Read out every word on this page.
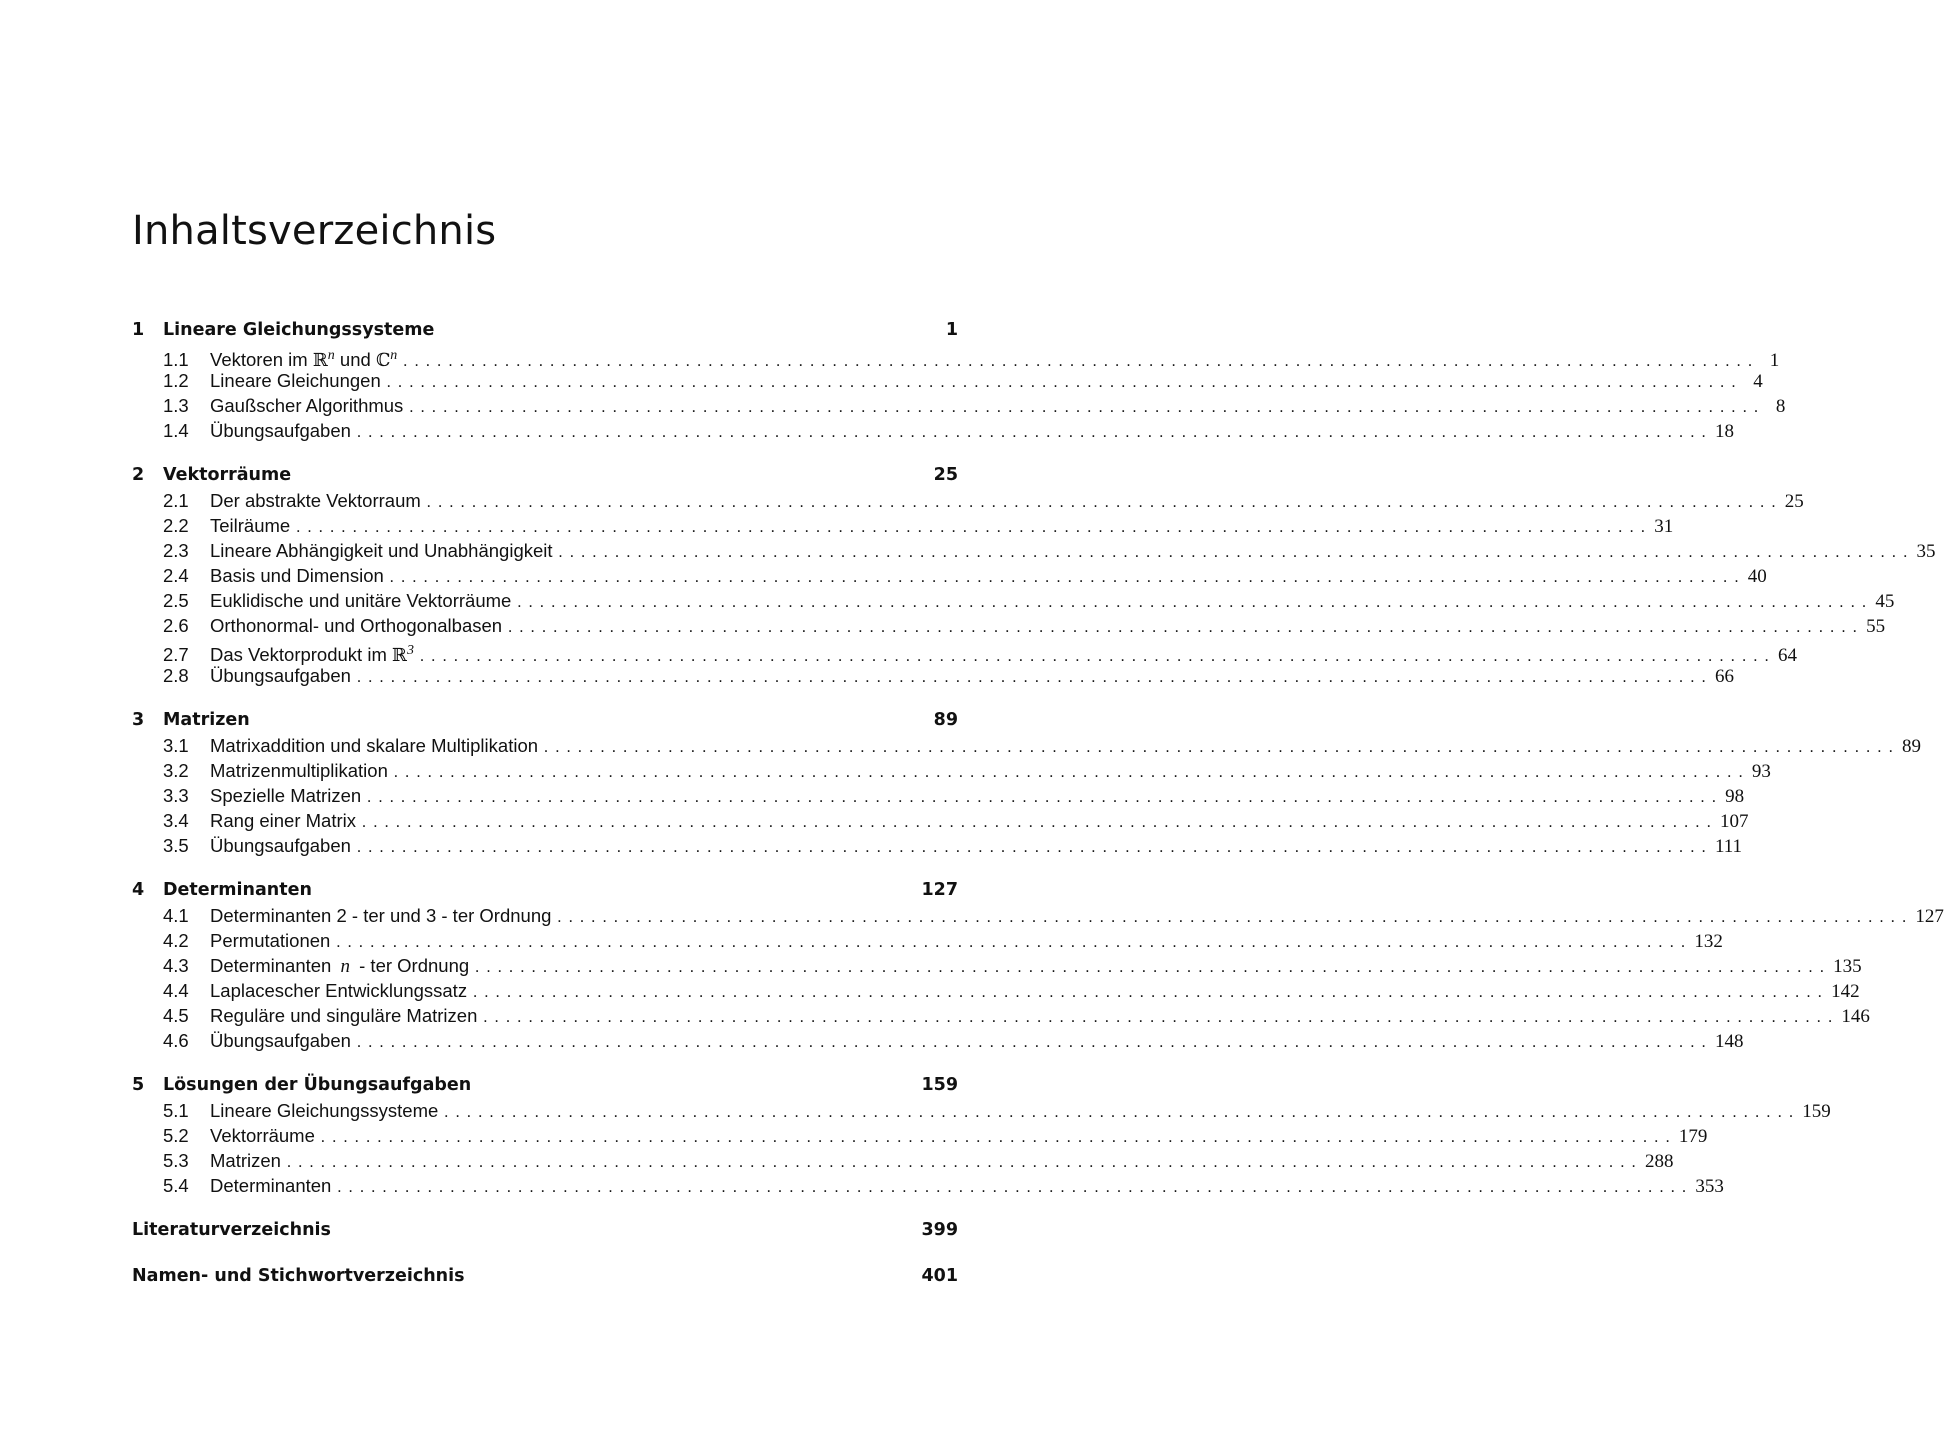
Inhaltsverzeichnis
1	Lineare Gleichungssysteme	1
1.1	Vektoren im ℝ$^n$ und ℂ$^n$ ........................................................................................................................ 1
1.2	Lineare Gleichungen ........................................................................................................................ 4
1.3	Gaußscher Algorithmus ........................................................................................................................ 8
1.4	Übungsaufgaben ........................................................................................................................ 18
2	Vektorräume	25
2.1	Der abstrakte Vektorraum ........................................................................................................................ 25
2.2	Teilräume ........................................................................................................................ 31
2.3	Lineare Abhängigkeit und Unabhängigkeit ........................................................................................................................ 35
2.4	Basis und Dimension ........................................................................................................................ 40
2.5	Euklidische und unitäre Vektorräume ........................................................................................................................ 45
2.6	Orthonormal- und Orthogonalbasen ........................................................................................................................ 55
2.7	Das Vektorprodukt im ℝ$^3$ ........................................................................................................................ 64
2.8	Übungsaufgaben ........................................................................................................................ 66
3	Matrizen	89
3.1	Matrixaddition und skalare Multiplikation ........................................................................................................................ 89
3.2	Matrizenmultiplikation ........................................................................................................................ 93
3.3	Spezielle Matrizen ........................................................................................................................ 98
3.4	Rang einer Matrix ........................................................................................................................ 107
3.5	Übungsaufgaben ........................................................................................................................ 111
4	Determinanten	127
4.1	Determinanten 2 - ter und 3 - ter Ordnung ........................................................................................................................ 127
4.2	Permutationen ........................................................................................................................ 132
4.3	Determinanten n - ter Ordnung ........................................................................................................................ 135
4.4	Laplacescher Entwicklungssatz ........................................................................................................................ 142
4.5	Reguläre und singuläre Matrizen ........................................................................................................................ 146
4.6	Übungsaufgaben ........................................................................................................................ 148
5	Lösungen der Übungsaufgaben	159
5.1	Lineare Gleichungssysteme ........................................................................................................................ 159
5.2	Vektorräume ........................................................................................................................ 179
5.3	Matrizen ........................................................................................................................ 288
5.4	Determinanten ........................................................................................................................ 353
Literaturverzeichnis	399
Namen- und Stichwortverzeichnis	401
